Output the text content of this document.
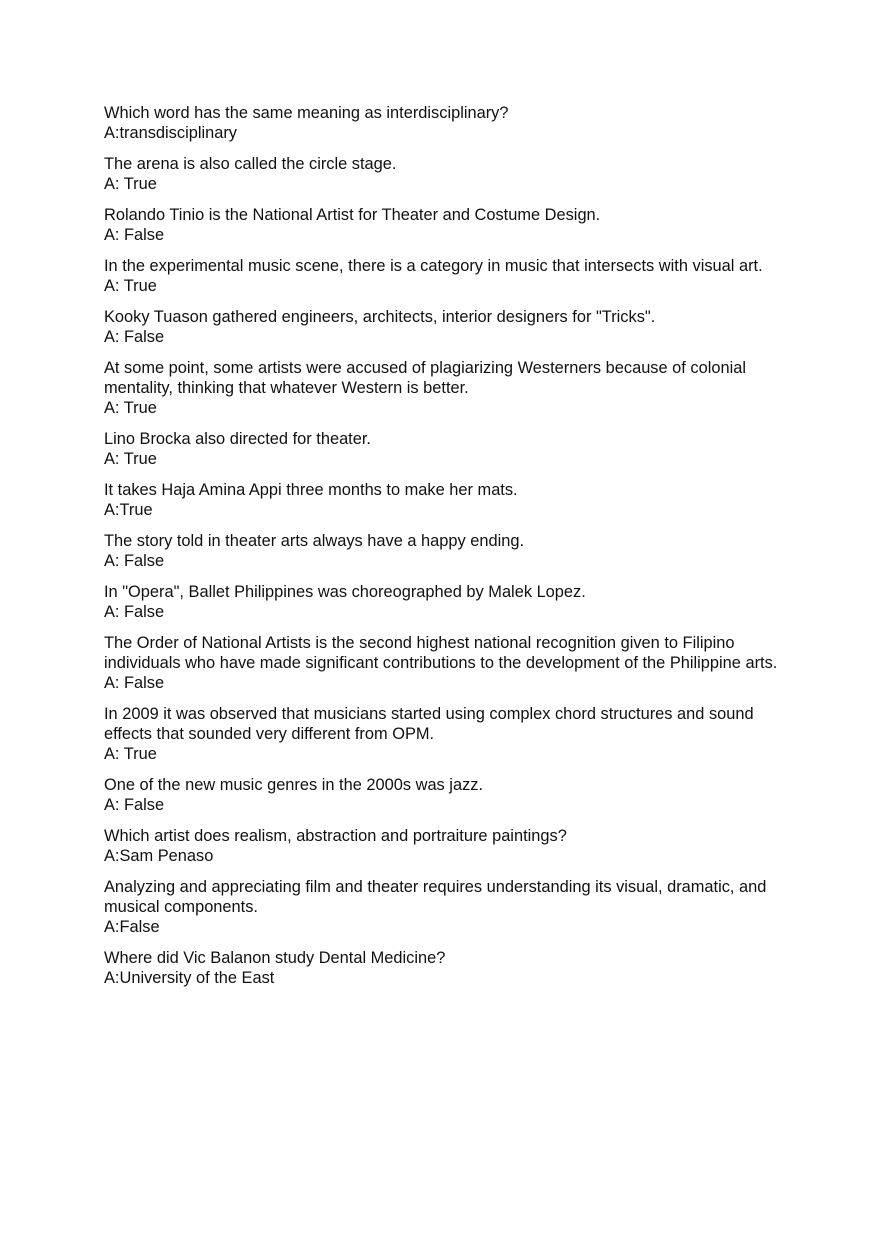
Which word has the same meaning as interdisciplinary?
A:transdisciplinary
The arena is also called the circle stage.
A: True
Rolando Tinio is the National Artist for Theater and Costume Design.
A: False
In the experimental music scene, there is a category in music that intersects with visual art.
A: True
Kooky Tuason gathered engineers, architects, interior designers for "Tricks".
A: False
At some point, some artists were accused of plagiarizing Westerners because of colonial mentality, thinking that whatever Western is better.
A: True
Lino Brocka also directed for theater.
A: True
It takes Haja Amina Appi three months to make her mats.
A:True
The story told in theater arts always have a happy ending.
A: False
In "Opera", Ballet Philippines was choreographed by Malek Lopez.
A: False
The Order of National Artists is the second highest national recognition given to Filipino individuals who have made significant contributions to the development of the Philippine arts.
A: False
In 2009 it was observed that musicians started using complex chord structures and sound effects that sounded very different from OPM.
A: True
One of the new music genres in the 2000s was jazz.
A: False
Which artist does realism, abstraction and portraiture paintings?
A:Sam Penaso
Analyzing and appreciating film and theater requires understanding its visual, dramatic, and musical components.
A:False
Where did Vic Balanon study Dental Medicine?
A:University of the East
